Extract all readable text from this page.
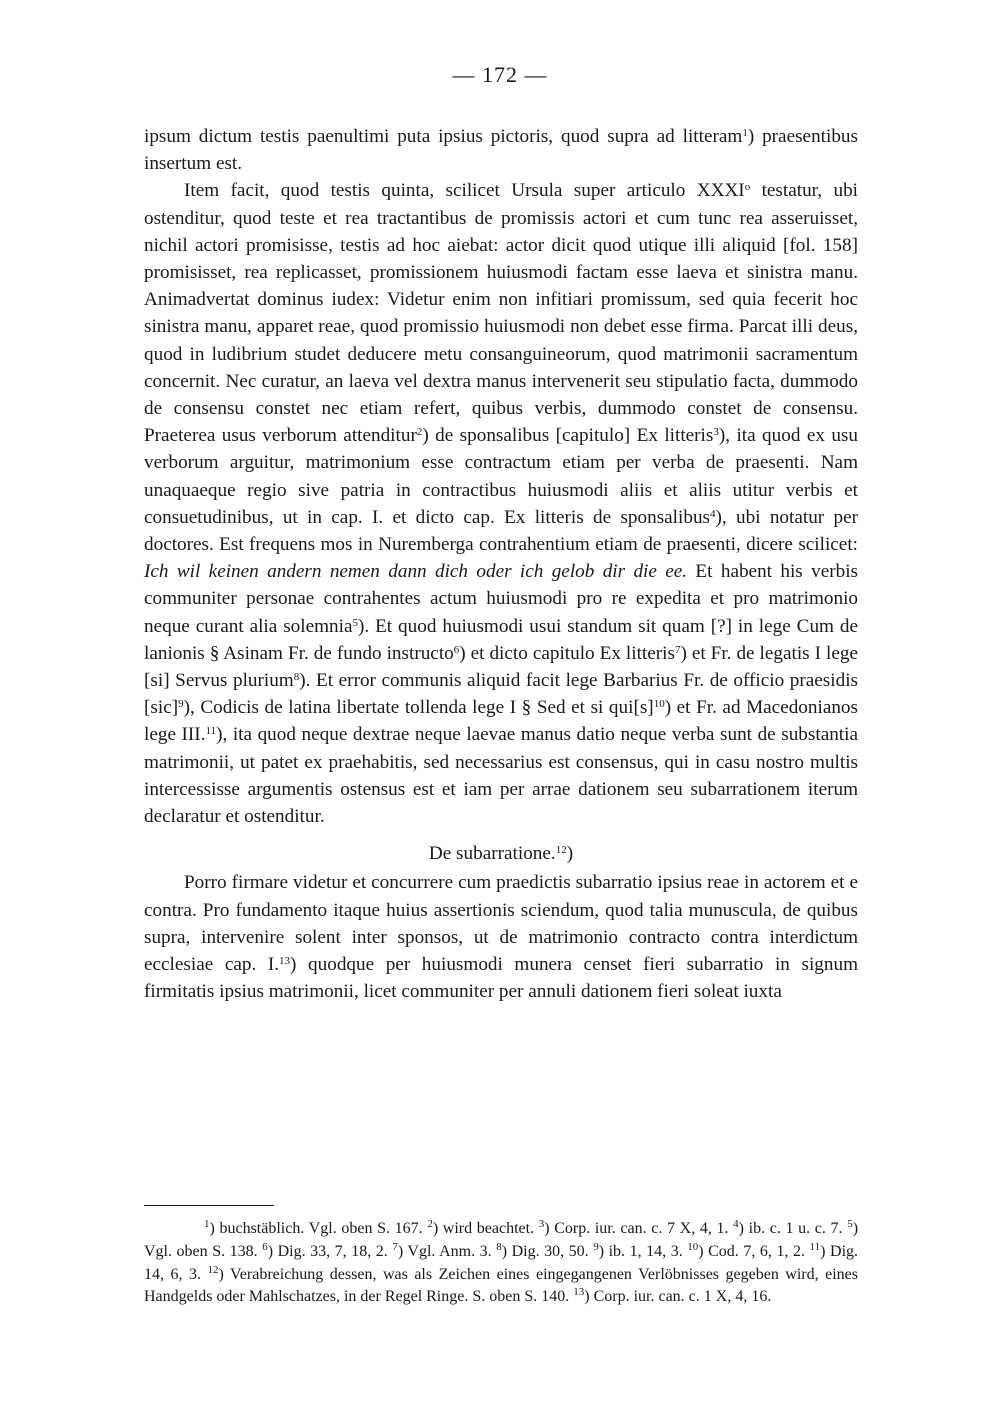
— 172 —

ipsum dictum testis paenultimi puta ipsius pictoris, quod supra ad litteram$^1$) praesentibus insertum est.

Item facit, quod testis quinta, scilicet Ursula super articulo XXXI$^o$ testatur, ubi ostenditur, quod teste et rea tractantibus de promissis actori et cum tunc rea asseruisset, nichil actori promisisse, testis ad hoc aiebat: actor dicit quod utique illi aliquid [fol. 158] promisisset, rea replicasset, promissionem huiusmodi factam esse laeva et sinistra manu. Animadvertat dominus iudex: Videtur enim non infitiari promissum, sed quia fecerit hoc sinistra manu, apparet reae, quod promissio huiusmodi non debet esse firma. Parcat illi deus, quod in ludibrium studet deducere metu consanguineorum, quod matrimonii sacramentum concernit. Nec curatur, an laeva vel dextra manus intervenerit seu stipulatio facta, dummodo de consensu constet nec etiam refert, quibus verbis, dummodo constet de consensu. Praeterea usus verborum attenditur$^2$) de sponsalibus [capitulo] Ex litteris$^3$), ita quod ex usu verborum arguitur, matrimonium esse contractum etiam per verba de praesenti. Nam unaquaeque regio sive patria in contractibus huiusmodi aliis et aliis utitur verbis et consuetudinibus, ut in cap. I. et dicto cap. Ex litteris de sponsalibus$^4$), ubi notatur per doctores. Est frequens mos in Nuremberga contrahentium etiam de praesenti, dicere scilicet: Ich wil keinen andern nemen dann dich oder ich gelob dir die ee. Et habent his verbis communiter personae contrahentes actum huiusmodi pro re expedita et pro matrimonio neque curant alia solemnia$^5$). Et quod huiusmodi usui standum sit quam [?] in lege Cum de lanionis § Asinam Fr. de fundo instructo$^6$) et dicto capitulo Ex litteris$^7$) et Fr. de legatis I lege [si] Servus plurium$^8$). Et error communis aliquid facit lege Barbarius Fr. de officio praesidis [sic]$^9$), Codicis de latina libertate tollenda lege I § Sed et si $qui[s]^{10}$) et Fr. ad Macedonianos lege III.$^{11}$), ita quod neque dextrae neque laevae manus datio neque verba sunt de substantia matrimonii, ut patet ex praehabitis, sed necessarius est consensus, qui in casu nostro multis intercessisse argumentis ostensus est et iam per arrae dationem seu subarrationem iterum declaratur et ostenditur.

De subarratione.$^{12}$)

Porro firmare videtur et concurrere cum praedictis subarratio ipsius reae in actorem et e contra. Pro fundamento itaque huius assertionis sciendum, quod talia munuscula, de quibus supra, intervenire solent inter sponsos, ut de matrimonio contracto contra interdictum ecclesiae cap. I.$^{13}$) quodque per huiusmodi munera censet fieri subarratio in signum firmitatis ipsius matrimonii, licet communiter per annuli dationem fieri soleat iuxta

$^1$) buchstäblich. Vgl. oben S. 167. $^2$) wird beachtet. $^3$) Corp. iur. can. c. 7 X, 4, 1. $^4$) ib. c. 1 u. c. 7. $^5$) Vgl. oben S. 138. $^6$) Dig. 33, 7, 18, 2. $^7$) Vgl. Anm. 3. $^8$) Dig. 30, 50. $^9$) ib. 1, 14, 3. $^{10}$) Cod. 7, 6, 1, 2. $^{11}$) Dig. 14, 6, 3. $^{12}$) Verabreichung dessen, was als Zeichen eines eingegangenen Verlöbnisses gegeben wird, eines Handgelds oder Mahlschatzes, in der Regel Ringe. S. oben S. 140. $^{13}$) Corp. iur. can. c. 1 X, 4, 16.
